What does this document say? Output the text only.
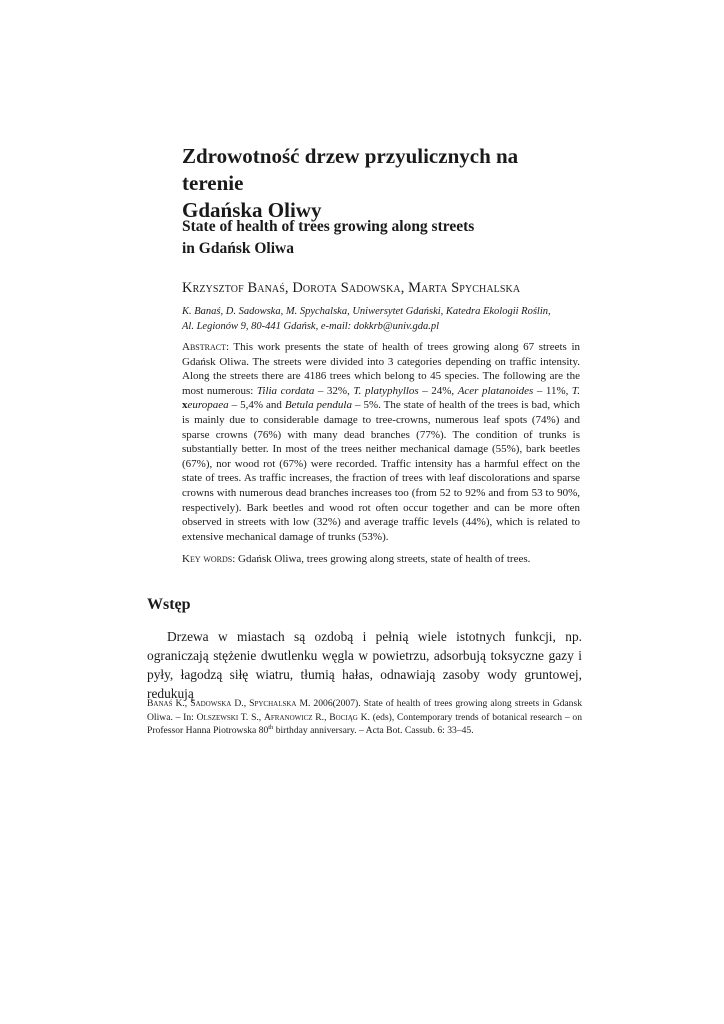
Zdrowotność drzew przyulicznych na terenie
Gdańska Oliwy
State of health of trees growing along streets
in Gdańsk Oliwa

Krzysztof Banaś, Dorota Sadowska, Marta Spychalska

K. Banaś, D. Sadowska, M. Spychalska, Uniwersytet Gdański, Katedra Ekologii Roślin,
Al. Legionów 9, 80-441 Gdańsk, e-mail: dokkrb@univ.gda.pl

Abstract: This work presents the state of health of trees growing along 67 streets in Gdańsk Oliwa. The streets were divided into 3 categories depending on traffic intensity. Along the streets there are 4186 trees which belong to 45 species. The following are the most numerous: Tilia cordata – 32%, T. platyphyllos – 24%, Acer platanoides – 11%, T. xeuropaea – 5,4% and Betula pendula – 5%. The state of health of the trees is bad, which is mainly due to considerable damage to tree-crowns, numerous leaf spots (74%) and sparse crowns (76%) with many dead branches (77%). The condition of trunks is substantially better. In most of the trees neither mechanical damage (55%), bark beetles (67%), nor wood rot (67%) were recorded. Traffic intensity has a harmful effect on the state of trees. As traffic increases, the fraction of trees with leaf discolorations and sparse crowns with numerous dead branches increases too (from 52 to 92% and from 53 to 90%, respectively). Bark beetles and wood rot often occur together and can be more often observed in streets with low (32%) and average traffic levels (44%), which is related to extensive mechanical damage of trunks (53%).

Key words: Gdańsk Oliwa, trees growing along streets, state of health of trees.

Wstęp

Drzewa w miastach są ozdobą i pełnią wiele istotnych funkcji, np. ograniczają stężenie dwutlenku węgla w powietrzu, adsorbują toksyczne gazy i pyły, łagodzą siłę wiatru, tłumią hałas, odnawiają zasoby wody gruntowej, redukują

Banaś K., Sadowska D., Spychalska M. 2006(2007). State of health of trees growing along streets in Gdansk Oliwa. – In: Olszewski T. S., Afranowicz R., Bociąg K. (eds), Contemporary trends of botanical research – on Professor Hanna Piotrowska 80th birthday anniversary. – Acta Bot. Cassub. 6: 33–45.
